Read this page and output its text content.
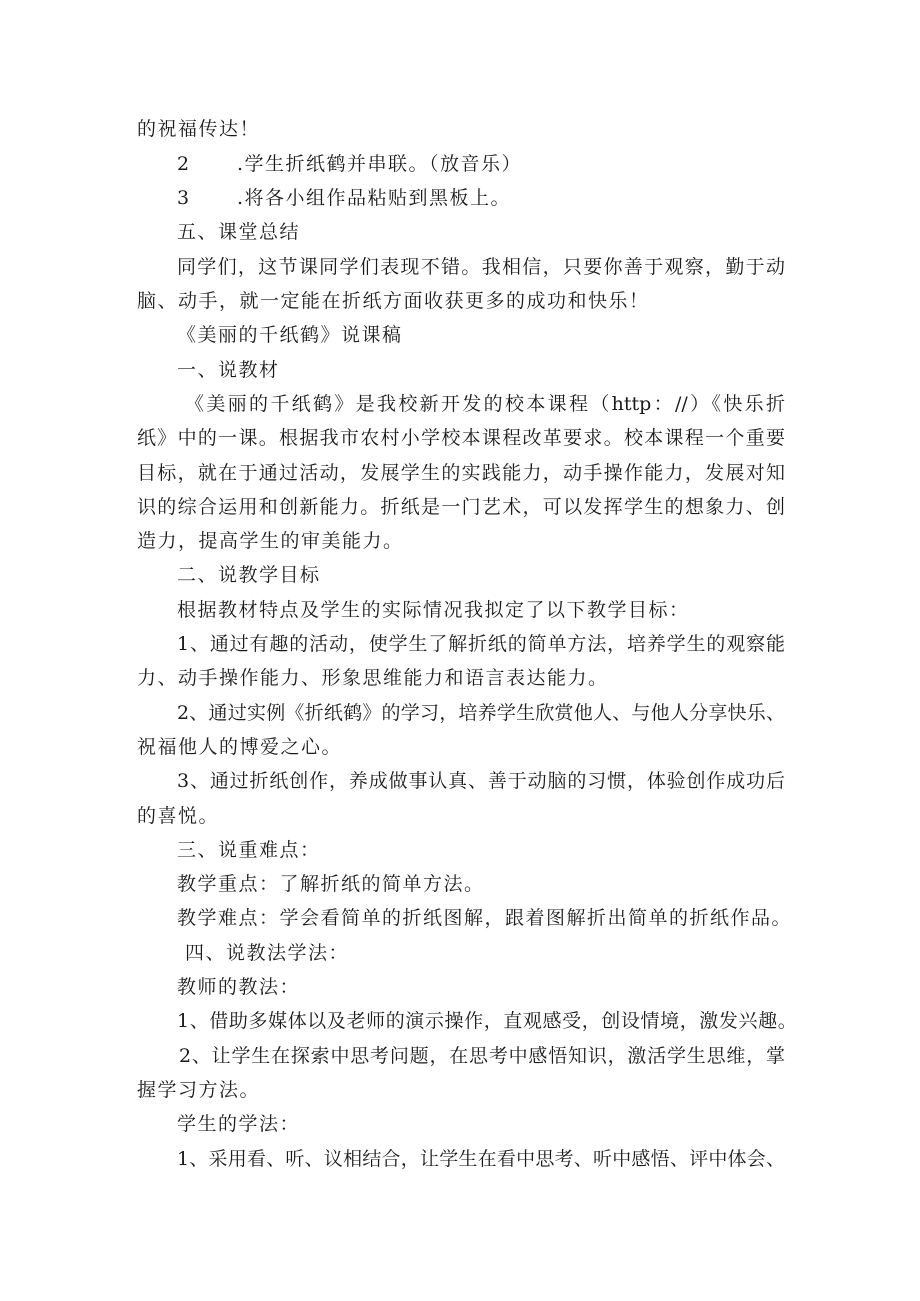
的祝福传达！
2 .学生折纸鹤并串联。（放音乐）
3 .将各小组作品粘贴到黑板上。
五、课堂总结
同学们，这节课同学们表现不错。我相信，只要你善于观察，勤于动
脑、动手，就一定能在折纸方面收获更多的成功和快乐！
《美丽的千纸鹤》说课稿
一、说教材
《美丽的千纸鹤》是我校新开发的校本课程（http：//）《快乐折
纸》中的一课。根据我市农村小学校本课程改革要求。校本课程一个重要
目标，就在于通过活动，发展学生的实践能力，动手操作能力，发展对知
识的综合运用和创新能力。折纸是一门艺术，可以发挥学生的想象力、创
造力，提高学生的审美能力。
二、说教学目标
根据教材特点及学生的实际情况我拟定了以下教学目标：
1、通过有趣的活动，使学生了解折纸的简单方法，培养学生的观察能
力、动手操作能力、形象思维能力和语言表达能力。
2、通过实例《折纸鹤》的学习，培养学生欣赏他人、与他人分享快乐、
祝福他人的博爱之心。
3、通过折纸创作，养成做事认真、善于动脑的习惯，体验创作成功后
的喜悦。
三、说重难点：
教学重点：了解折纸的简单方法。
教学难点：学会看简单的折纸图解，跟着图解折出简单的折纸作品。
四、说教法学法：
教师的教法：
1、借助多媒体以及老师的演示操作，直观感受，创设情境，激发兴趣。
2、让学生在探索中思考问题，在思考中感悟知识，激活学生思维，掌
握学习方法。
学生的学法：
1、采用看、听、议相结合，让学生在看中思考、听中感悟、评中体会、
